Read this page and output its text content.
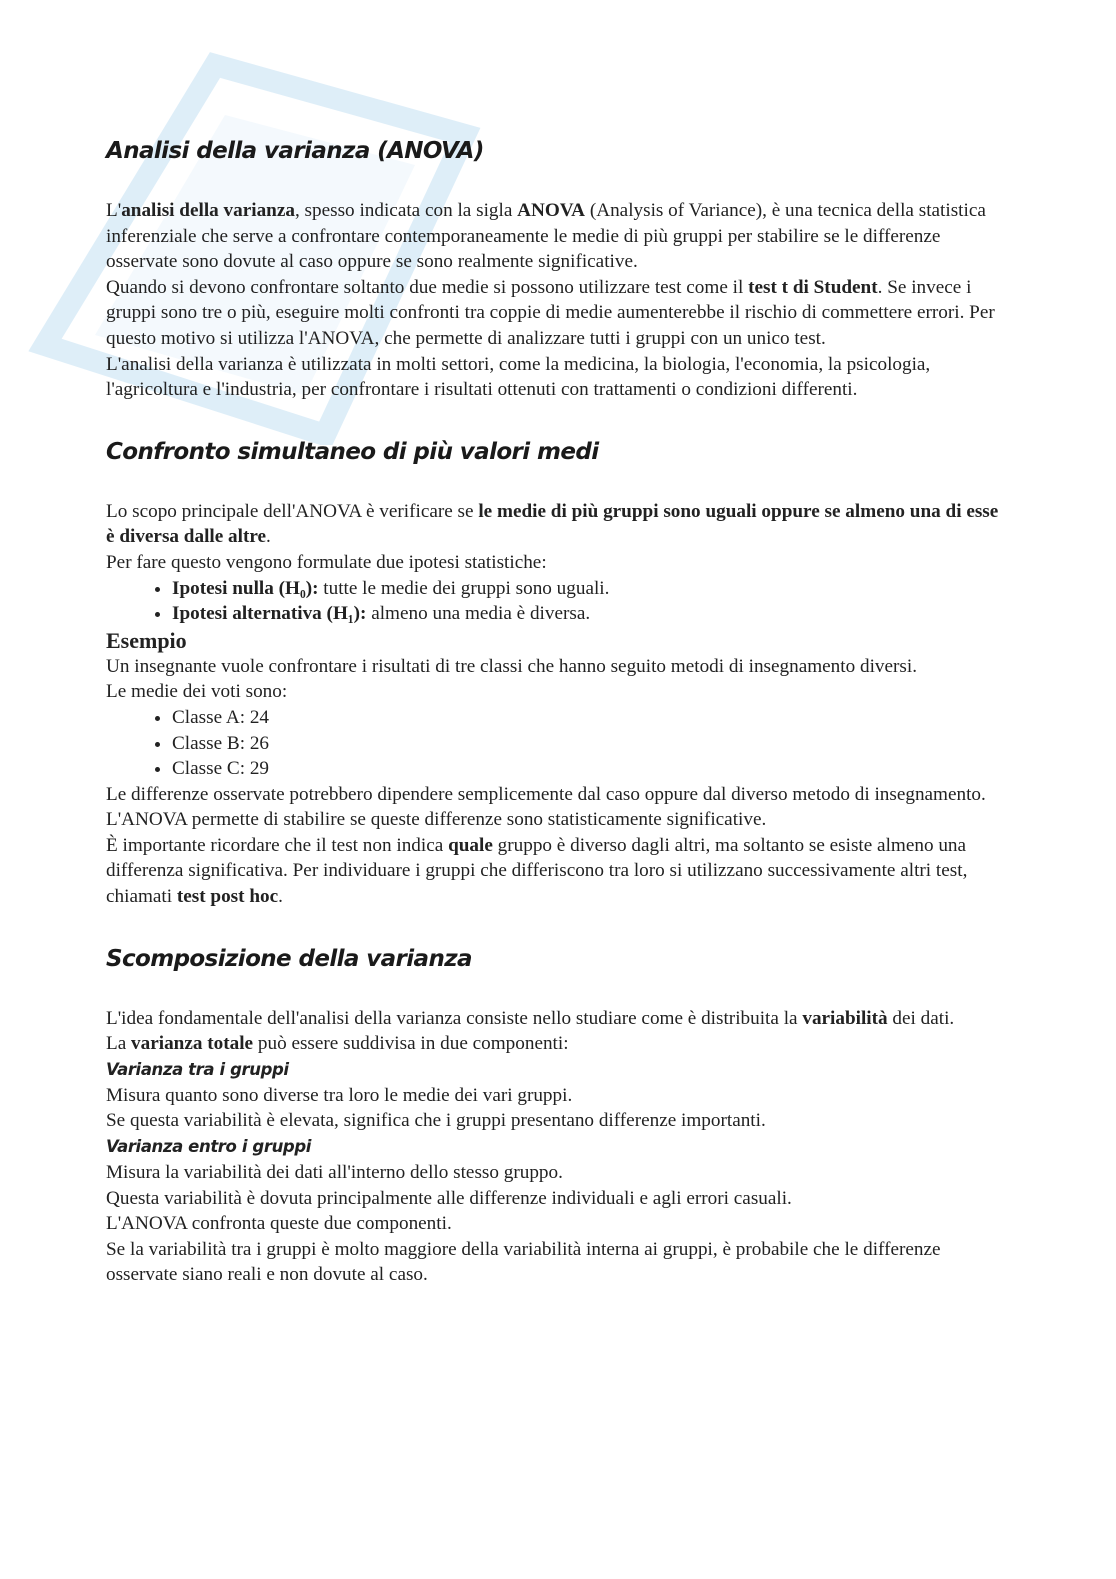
Analisi della varianza (ANOVA)

L'analisi della varianza, spesso indicata con la sigla ANOVA (Analysis of Variance), è una tecnica della statistica inferenziale che serve a confrontare contemporaneamente le medie di più gruppi per stabilire se le differenze osservate sono dovute al caso oppure se sono realmente significative.

Quando si devono confrontare soltanto due medie si possono utilizzare test come il test t di Student. Se invece i gruppi sono tre o più, eseguire molti confronti tra coppie di medie aumenterebbe il rischio di commettere errori. Per questo motivo si utilizza l'ANOVA, che permette di analizzare tutti i gruppi con un unico test.

L'analisi della varianza è utilizzata in molti settori, come la medicina, la biologia, l'economia, la psicologia, l'agricoltura e l'industria, per confrontare i risultati ottenuti con trattamenti o condizioni differenti.

Confronto simultaneo di più valori medi

Lo scopo principale dell'ANOVA è verificare se le medie di più gruppi sono uguali oppure se almeno una di esse è diversa dalle altre.

Per fare questo vengono formulate due ipotesi statistiche:

• Ipotesi nulla (H₀): tutte le medie dei gruppi sono uguali.
• Ipotesi alternativa (H₁): almeno una media è diversa.
Esempio

Un insegnante vuole confrontare i risultati di tre classi che hanno seguito metodi di insegnamento diversi.

Le medie dei voti sono:

• Classe A: 24
• Classe B: 26
• Classe C: 29

Le differenze osservate potrebbero dipendere semplicemente dal caso oppure dal diverso metodo di insegnamento.

L'ANOVA permette di stabilire se queste differenze sono statisticamente significative.

È importante ricordare che il test non indica quale gruppo è diverso dagli altri, ma soltanto se esiste almeno una differenza significativa. Per individuare i gruppi che differiscono tra loro si utilizzano successivamente altri test, chiamati test post hoc.

Scomposizione della varianza

L'idea fondamentale dell'analisi della varianza consiste nello studiare come è distribuita la variabilità dei dati.

La varianza totale può essere suddivisa in due componenti:

Varianza tra i gruppi

Misura quanto sono diverse tra loro le medie dei vari gruppi.

Se questa variabilità è elevata, significa che i gruppi presentano differenze importanti.

Varianza entro i gruppi

Misura la variabilità dei dati all'interno dello stesso gruppo.

Questa variabilità è dovuta principalmente alle differenze individuali e agli errori casuali.

L'ANOVA confronta queste due componenti.

Se la variabilità tra i gruppi è molto maggiore della variabilità interna ai gruppi, è probabile che le differenze osservate siano reali e non dovute al caso.
